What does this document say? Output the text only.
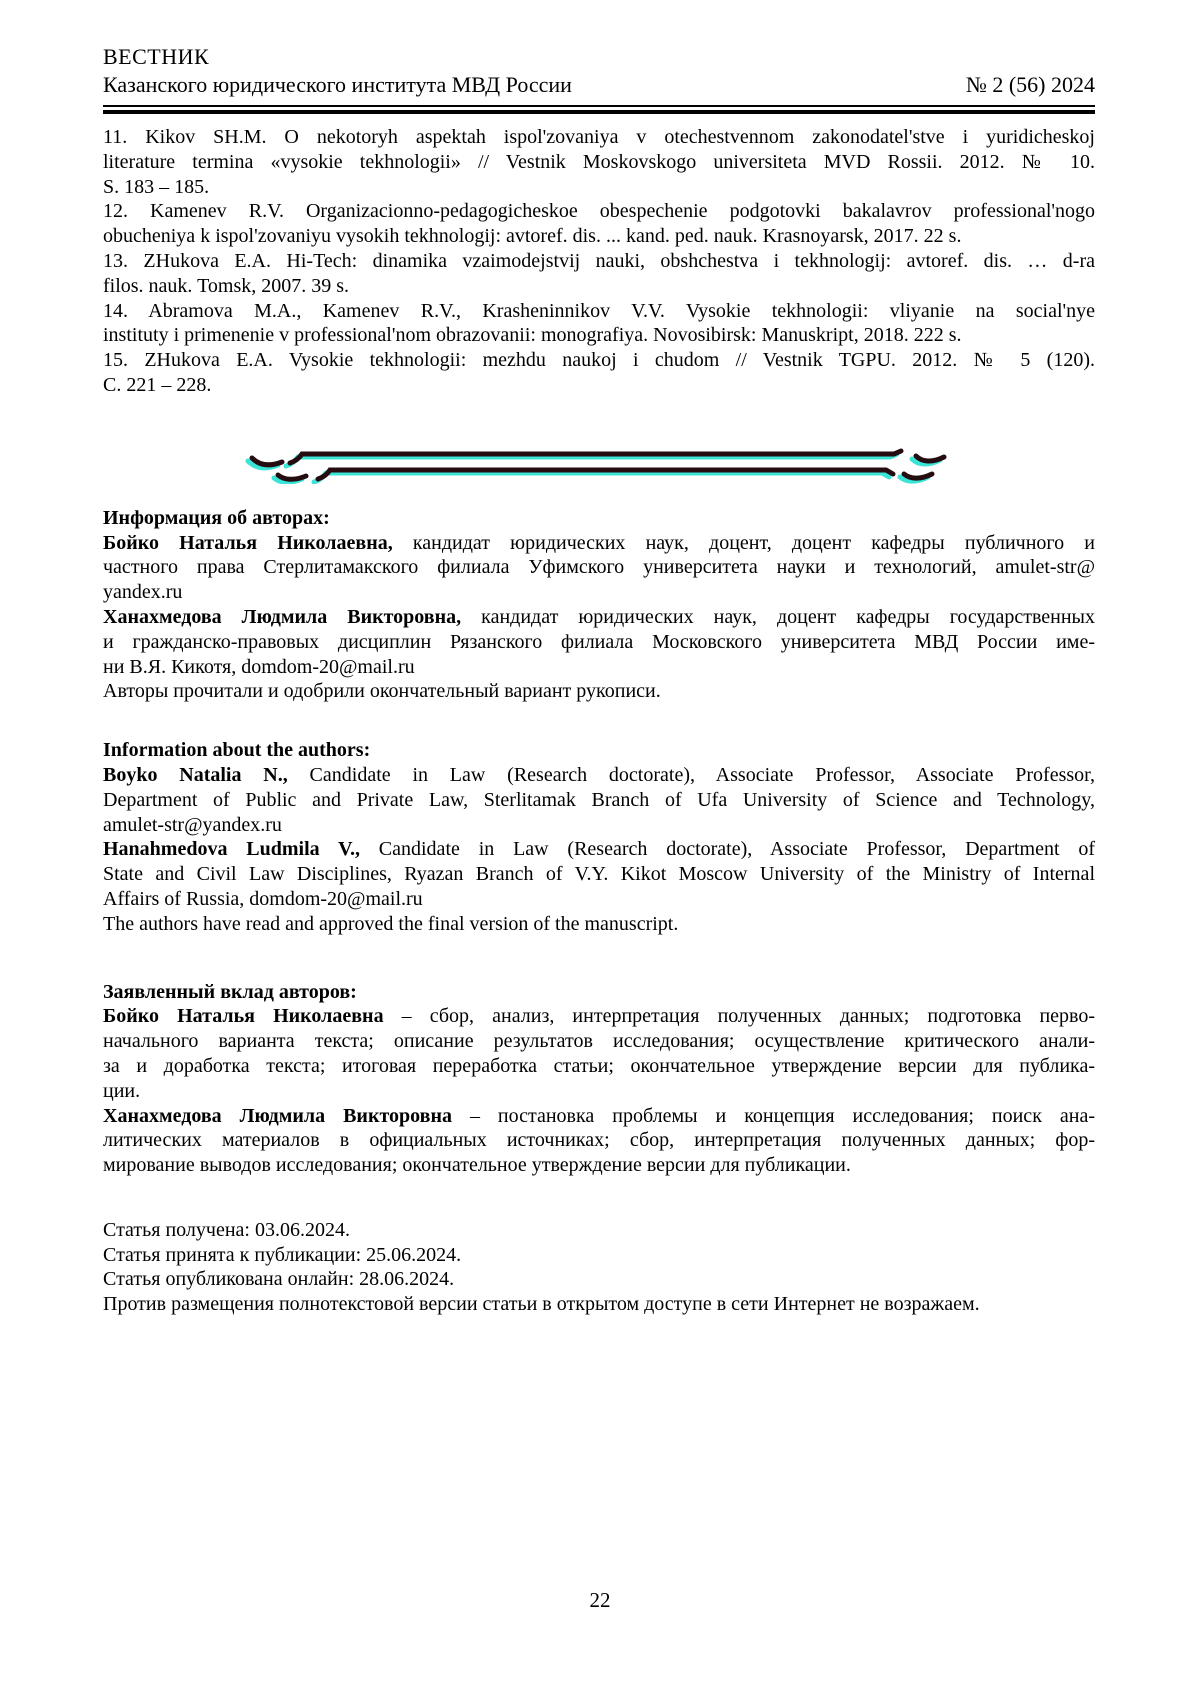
ВЕСТНИК
Казанского юридического института МВД России	№ 2 (56) 2024
11. Kikov SH.M. O nekotoryh aspektah ispol'zovaniya v otechestvennom zakonodatel'stve i yuridicheskoj
literature termina «vysokie tekhnologii» // Vestnik Moskovskogo universiteta MVD Rossii. 2012. № 10.
S. 183 – 185.
12. Kamenev R.V. Organizacionno-pedagogicheskoe obespechenie podgotovki bakalavrov professional'nogo
obucheniya k ispol'zovaniyu vysokih tekhnologij: avtoref. dis. ... kand. ped. nauk. Krasnoyarsk, 2017. 22 s.
13. ZHukova E.A. Hi-Tech: dinamika vzaimodejstvij nauki, obshchestva i tekhnologij: avtoref. dis. … d-ra
filos. nauk. Tomsk, 2007. 39 s.
14. Abramova M.A., Kamenev R.V., Krasheninnikov V.V. Vysokie tekhnologii: vliyanie na social'nye
instituty i primenenie v professional'nom obrazovanii: monografiya. Novosibirsk: Manuskript, 2018. 222 s.
15. ZHukova E.A. Vysokie tekhnologii: mezhdu naukoj i chudom // Vestnik TGPU. 2012. № 5 (120).
C. 221 – 228.
Информация об авторах:
Бойко Наталья Николаевна, кандидат юридических наук, доцент, доцент кафедры публичного и
частного права Стерлитамакского филиала Уфимского университета науки и технологий, amulet-str@
yandex.ru
Ханахмедова Людмила Викторовна, кандидат юридических наук, доцент кафедры государственных
и гражданско-правовых дисциплин Рязанского филиала Московского университета МВД России име-
ни В.Я. Кикотя, domdom-20@mail.ru
Авторы прочитали и одобрили окончательный вариант рукописи.
Information about the authors:
Boyko Natalia N., Candidate in Law (Research doctorate), Associate Professor, Associate Professor,
Department of Public and Private Law, Sterlitamak Branch of Ufa University of Science and Technology,
amulet-str@yandex.ru
Hanahmedova Ludmila V., Candidate in Law (Research doctorate), Associate Professor, Department of
State and Civil Law Disciplines, Ryazan Branch of V.Y. Kikot Moscow University of the Ministry of Internal
Affairs of Russia, domdom-20@mail.ru
The authors have read and approved the final version of the manuscript.
Заявленный вклад авторов:
Бойко Наталья Николаевна – сбор, анализ, интерпретация полученных данных; подготовка перво-
начального варианта текста; описание результатов исследования; осуществление критического анали-
за и доработка текста; итоговая переработка статьи; окончательное утверждение версии для публика-
ции.
Ханахмедова Людмила Викторовна – постановка проблемы и концепция исследования; поиск ана-
литических материалов в официальных источниках; сбор, интерпретация полученных данных; фор-
мирование выводов исследования; окончательное утверждение версии для публикации.
Статья получена: 03.06.2024.
Статья принята к публикации: 25.06.2024.
Статья опубликована онлайн: 28.06.2024.
Против размещения полнотекстовой версии статьи в открытом доступе в сети Интернет не возражаем.
22
